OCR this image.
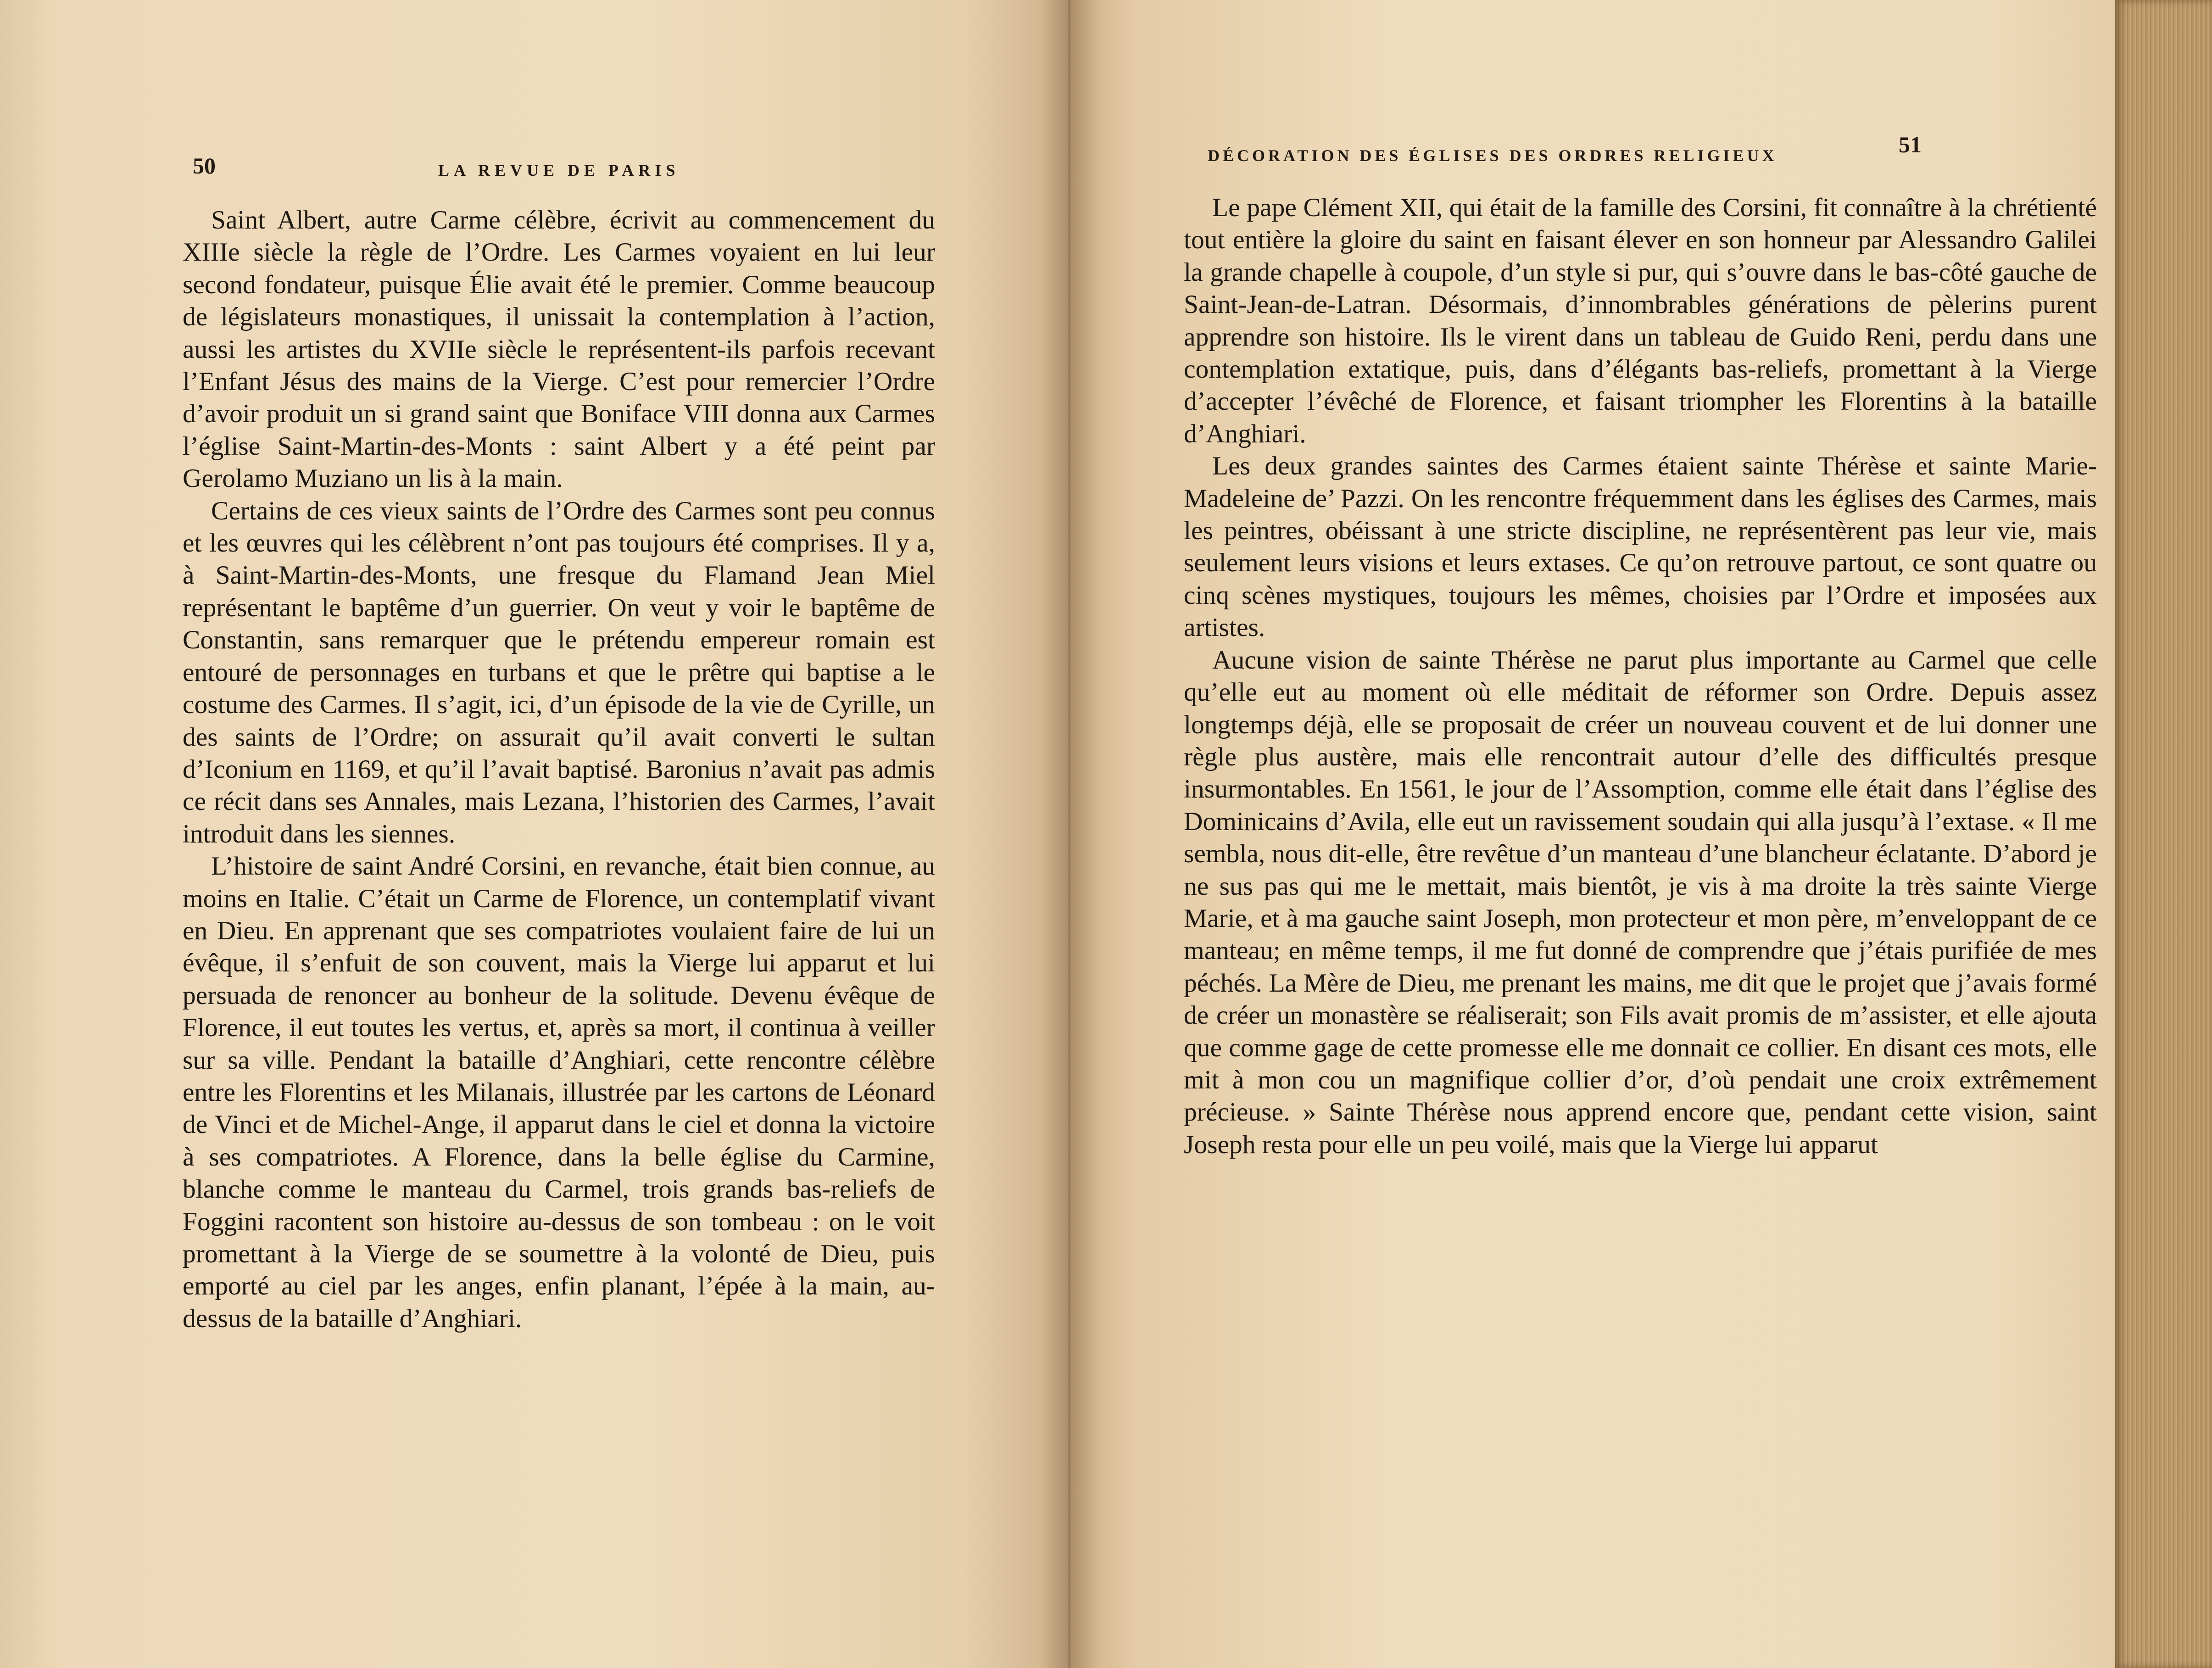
50	LA REVUE DE PARIS

Saint Albert, autre Carme célèbre, écrivit au commencement du XIIIe siècle la règle de l’Ordre. Les Carmes voyaient en lui leur second fondateur, puisque Élie avait été le premier. Comme beaucoup de législateurs monastiques, il unissait la contemplation à l’action, aussi les artistes du XVIIe siècle le représentent-ils parfois recevant l’Enfant Jésus des mains de la Vierge. C’est pour remercier l’Ordre d’avoir produit un si grand saint que Boniface VIII donna aux Carmes l’église Saint-Martin-des-Monts : saint Albert y a été peint par Gerolamo Muziano un lis à la main.

Certains de ces vieux saints de l’Ordre des Carmes sont peu connus et les œuvres qui les célèbrent n’ont pas toujours été comprises. Il y a, à Saint-Martin-des-Monts, une fresque du Flamand Jean Miel représentant le baptême d’un guerrier. On veut y voir le baptême de Constantin, sans remarquer que le prétendu empereur romain est entouré de personnages en turbans et que le prêtre qui baptise a le costume des Carmes. Il s’agit, ici, d’un épisode de la vie de Cyrille, un des saints de l’Ordre; on assurait qu’il avait converti le sultan d’Iconium en 1169, et qu’il l’avait baptisé. Baronius n’avait pas admis ce récit dans ses Annales, mais Lezana, l’historien des Carmes, l’avait introduit dans les siennes.

L’histoire de saint André Corsini, en revanche, était bien connue, au moins en Italie. C’était un Carme de Florence, un contemplatif vivant en Dieu. En apprenant que ses compatriotes voulaient faire de lui un évêque, il s’enfuit de son couvent, mais la Vierge lui apparut et lui persuada de renoncer au bonheur de la solitude. Devenu évêque de Florence, il eut toutes les vertus, et, après sa mort, il continua à veiller sur sa ville. Pendant la bataille d’Anghiari, cette rencontre célèbre entre les Florentins et les Milanais, illustrée par les cartons de Léonard de Vinci et de Michel-Ange, il apparut dans le ciel et donna la victoire à ses compatriotes. A Florence, dans la belle église du Carmine, blanche comme le manteau du Carmel, trois grands bas-reliefs de Foggini racontent son histoire au-dessus de son tombeau : on le voit promettant à la Vierge de se soumettre à la volonté de Dieu, puis emporté au ciel par les anges, enfin planant, l’épée à la main, au-dessus de la bataille d’Anghiari.

DÉCORATION DES ÉGLISES DES ORDRES RELIGIEUX	51

Le pape Clément XII, qui était de la famille des Corsini, fit connaître à la chrétienté tout entière la gloire du saint en faisant élever en son honneur par Alessandro Galilei la grande chapelle à coupole, d’un style si pur, qui s’ouvre dans le bas-côté gauche de Saint-Jean-de-Latran. Désormais, d’innombrables générations de pèlerins purent apprendre son histoire. Ils le virent dans un tableau de Guido Reni, perdu dans une contemplation extatique, puis, dans d’élégants bas-reliefs, promettant à la Vierge d’accepter l’évêché de Florence, et faisant triompher les Florentins à la bataille d’Anghiari.

Les deux grandes saintes des Carmes étaient sainte Thérèse et sainte Marie-Madeleine de’ Pazzi. On les rencontre fréquemment dans les églises des Carmes, mais les peintres, obéissant à une stricte discipline, ne représentèrent pas leur vie, mais seulement leurs visions et leurs extases. Ce qu’on retrouve partout, ce sont quatre ou cinq scènes mystiques, toujours les mêmes, choisies par l’Ordre et imposées aux artistes.

Aucune vision de sainte Thérèse ne parut plus importante au Carmel que celle qu’elle eut au moment où elle méditait de réformer son Ordre. Depuis assez longtemps déjà, elle se proposait de créer un nouveau couvent et de lui donner une règle plus austère, mais elle rencontrait autour d’elle des difficultés presque insurmontables. En 1561, le jour de l’Assomption, comme elle était dans l’église des Dominicains d’Avila, elle eut un ravissement soudain qui alla jusqu’à l’extase. « Il me sembla, nous dit-elle, être revêtue d’un manteau d’une blancheur éclatante. D’abord je ne sus pas qui me le mettait, mais bientôt, je vis à ma droite la très sainte Vierge Marie, et à ma gauche saint Joseph, mon protecteur et mon père, m’enveloppant de ce manteau; en même temps, il me fut donné de comprendre que j’étais purifiée de mes péchés. La Mère de Dieu, me prenant les mains, me dit que le projet que j’avais formé de créer un monastère se réaliserait; son Fils avait promis de m’assister, et elle ajouta que comme gage de cette promesse elle me donnait ce collier. En disant ces mots, elle mit à mon cou un magnifique collier d’or, d’où pendait une croix extrêmement précieuse. » Sainte Thérèse nous apprend encore que, pendant cette vision, saint Joseph resta pour elle un peu voilé, mais que la Vierge lui apparut
